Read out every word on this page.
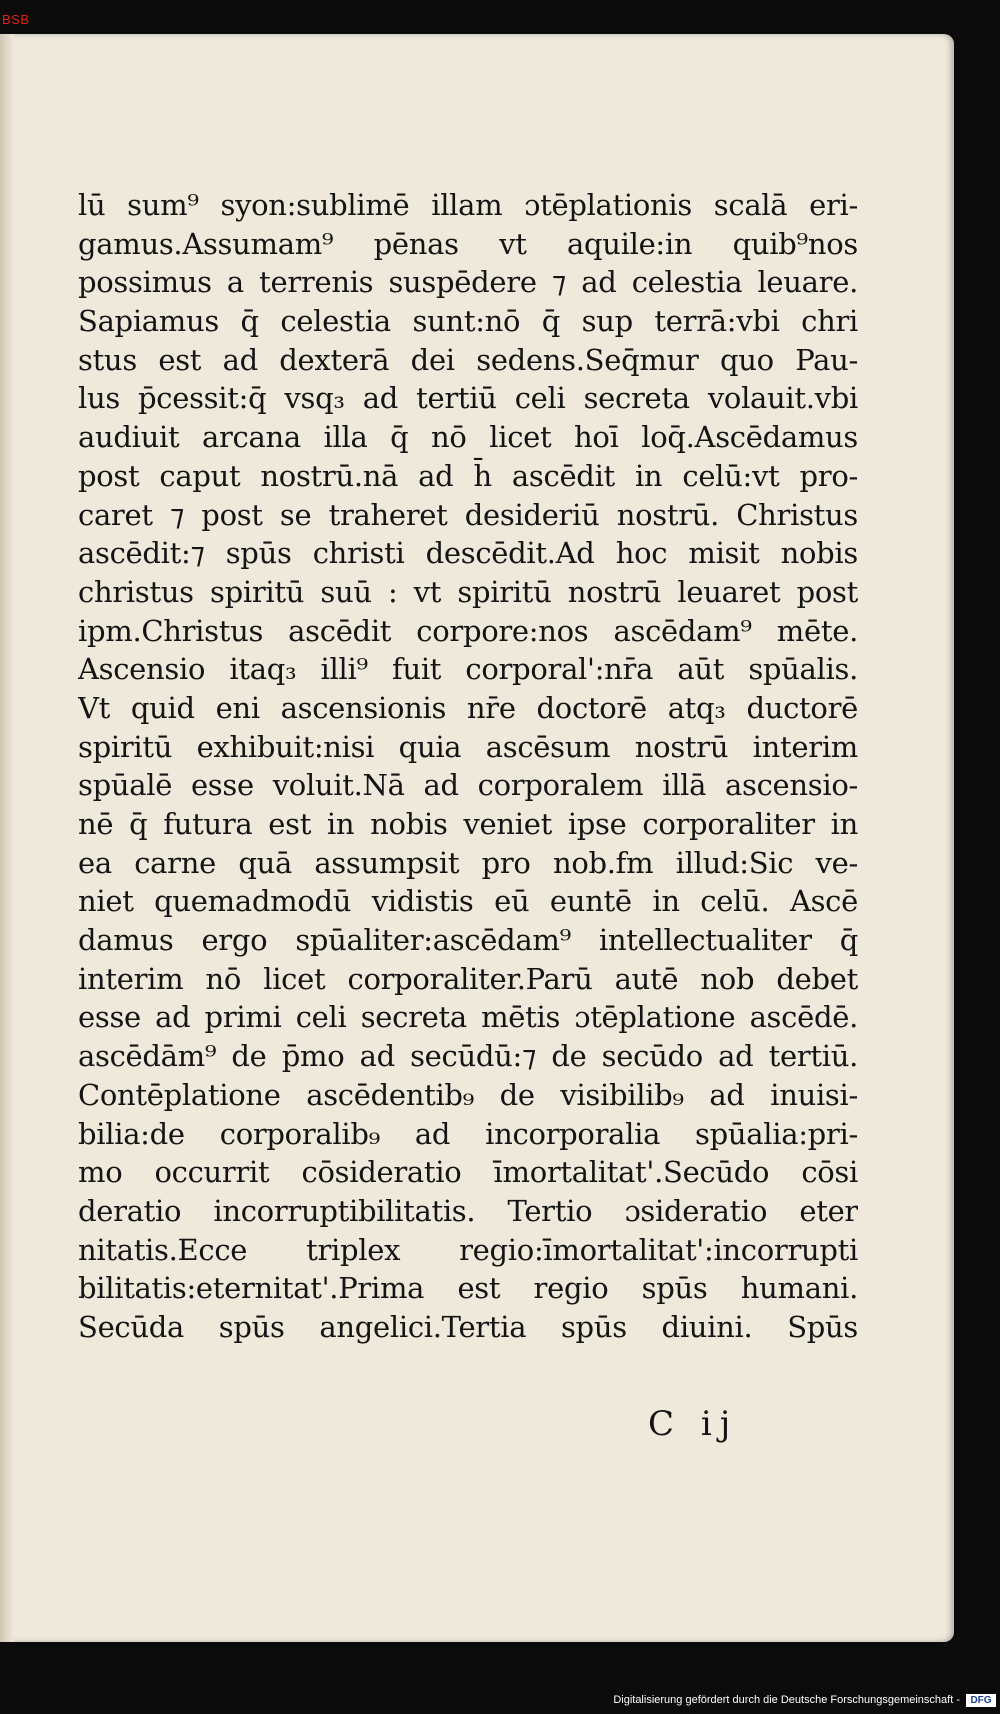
BSB
lū sum⁹ syon:sublimē illam ɔtēplationis scalā eri-
gamus.Assumam⁹ pēnas vt aquile:in quib⁹nos
possimus a terrenis suspēdere ⁊ ad celestia leuare.
Sapiamus q̄ celestia sunt:nō q̄ sup terrā:vbi chri
stus est ad dexterā dei sedens.Seq̄mur quo Pau-
lus p̄cessit:q̄ vsq₃ ad tertiū celi secreta volauit.vbi
audiuit arcana illa q̄ nō licet hoī loq̄.Ascēdamus
post caput nostrū.nā ad h̄ ascēdit in celū:vt pro-
caret ⁊ post se traheret desideriū nostrū. Christus
ascēdit:⁊ spūs christi descēdit.Ad hoc misit nobis
christus spiritū suū : vt spiritū nostrū leuaret post
ipm.Christus ascēdit corpore:nos ascēdam⁹ mēte.
Ascensio itaq₃ illi⁹ fuit corporal':nr̄a aūt spūalis.
Vt quid eni ascensionis nr̄e doctorē atq₃ ductorē
spiritū exhibuit:nisi quia ascēsum nostrū interim
spūalē esse voluit.Nā ad corporalem illā ascensio-
nē q̄ futura est in nobis veniet ipse corporaliter in
ea carne quā assumpsit pro nob.fm illud:Sic ve-
niet quemadmodū vidistis eū euntē in celū. Ascē
damus ergo spūaliter:ascēdam⁹ intellectualiter q̄
interim nō licet corporaliter.Parū autē nob debet
esse ad primi celi secreta mētis ɔtēplatione ascēdē.
ascēdām⁹ de p̄mo ad secūdū:⁊ de secūdo ad tertiū.
Contēplatione ascēdentib₉ de visibilib₉ ad inuisi-
bilia:de corporalib₉ ad incorporalia spūalia:pri-
mo occurrit cōsideratio īmortalitat'.Secūdo cōsi
deratio incorruptibilitatis. Tertio ɔsideratio eter
nitatis.Ecce triplex regio:īmortalitat':incorrupti
bilitatis:eternitat'.Prima est regio spūs humani.
Secūda spūs angelici.Tertia spūs diuini. Spūs
C ij
Digitalisierung gefördert durch die Deutsche Forschungsgemeinschaft -	DFG
